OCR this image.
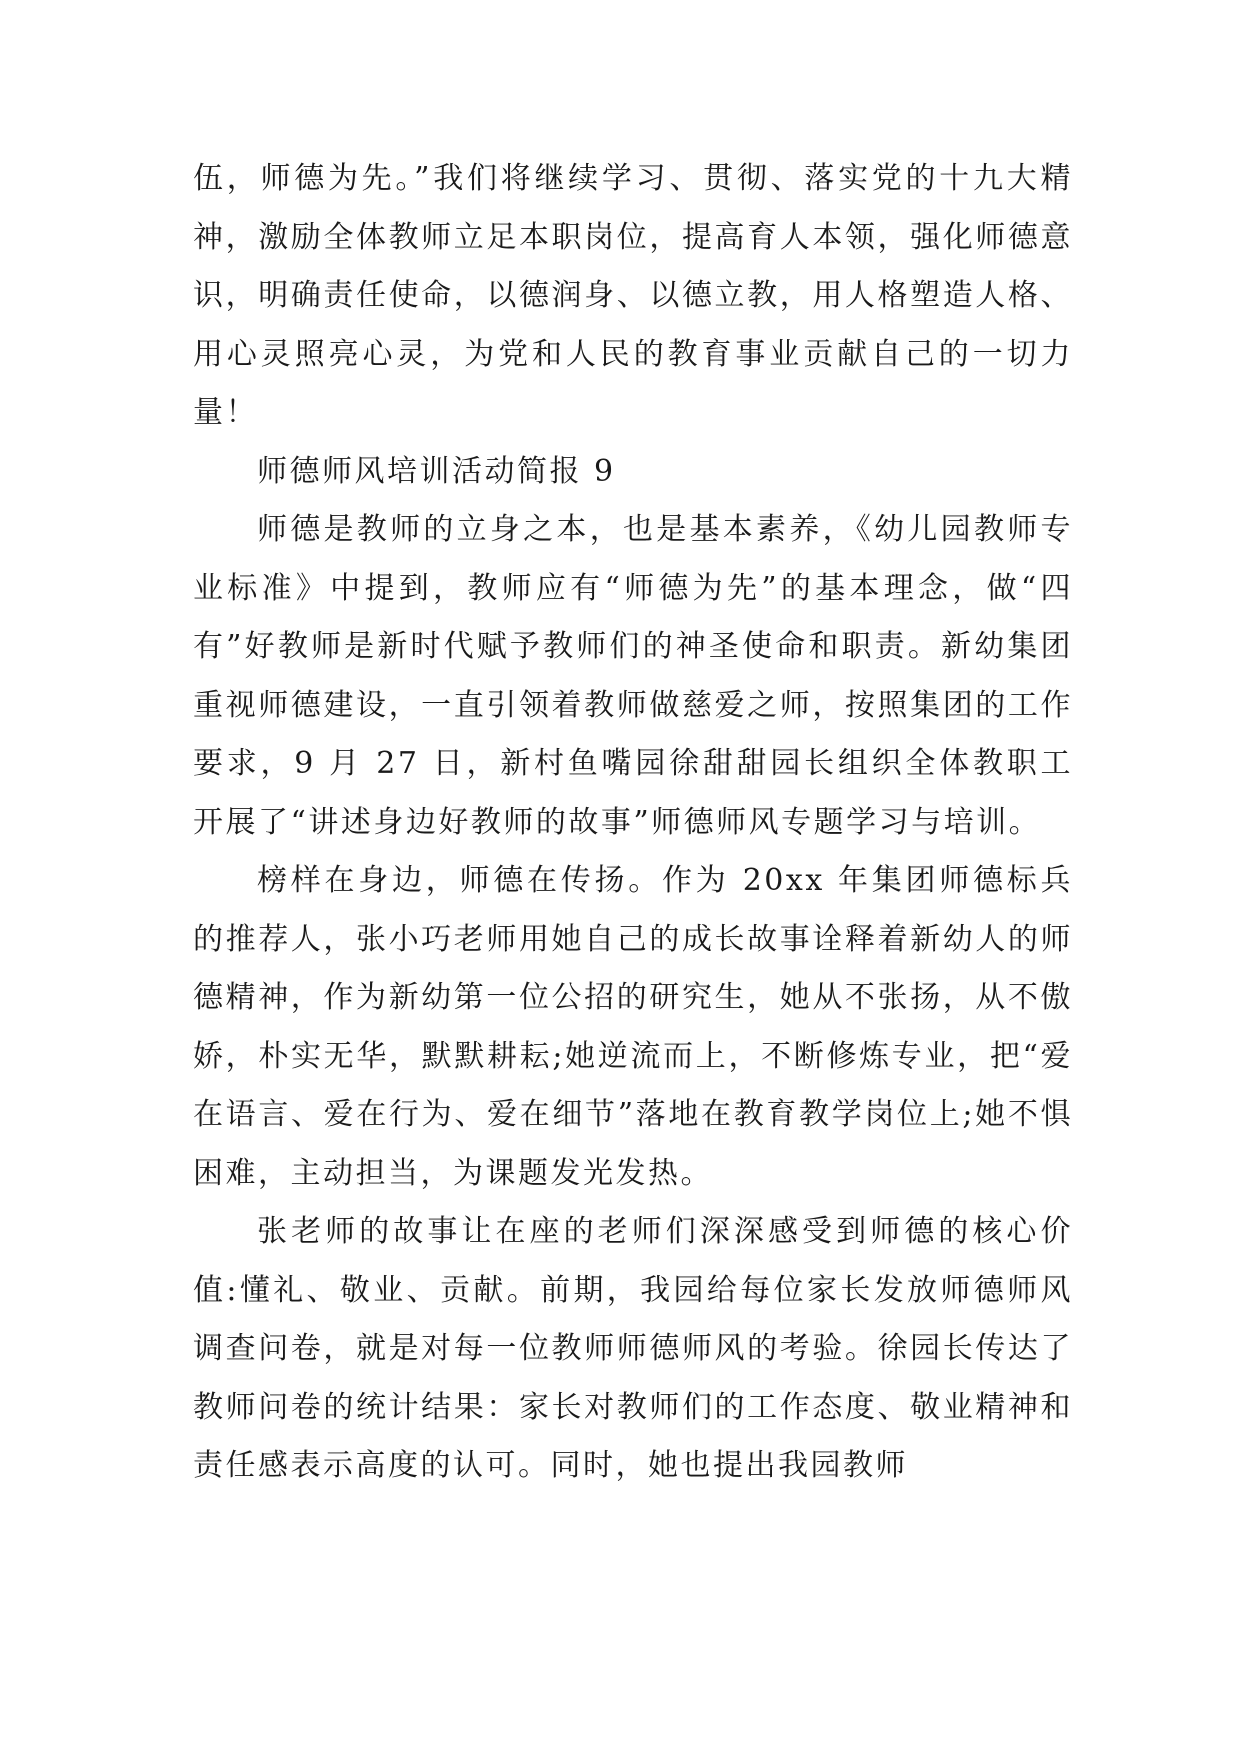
伍，师德为先。”我们将继续学习、贯彻、落实党的十九大精神，激励全体教师立足本职岗位，提高育人本领，强化师德意识，明确责任使命，以德润身、以德立教，用人格塑造人格、用心灵照亮心灵，为党和人民的教育事业贡献自己的一切力量！

师德师风培训活动简报 9

师德是教师的立身之本，也是基本素养，《幼儿园教师专业标准》中提到，教师应有“师德为先”的基本理念，做“四有”好教师是新时代赋予教师们的神圣使命和职责。新幼集团重视师德建设，一直引领着教师做慈爱之师，按照集团的工作要求，9 月 27 日，新村鱼嘴园徐甜甜园长组织全体教职工开展了“讲述身边好教师的故事”师德师风专题学习与培训。

榜样在身边，师德在传扬。作为 20xx 年集团师德标兵的推荐人，张小巧老师用她自己的成长故事诠释着新幼人的师德精神，作为新幼第一位公招的研究生，她从不张扬，从不傲娇，朴实无华，默默耕耘;她逆流而上，不断修炼专业，把“爱在语言、爱在行为、爱在细节”落地在教育教学岗位上;她不惧困难，主动担当，为课题发光发热。

张老师的故事让在座的老师们深深感受到师德的核心价值:懂礼、敬业、贡献。前期，我园给每位家长发放师德师风调查问卷，就是对每一位教师师德师风的考验。徐园长传达了教师问卷的统计结果：家长对教师们的工作态度、敬业精神和责任感表示高度的认可。同时，她也提出我园教师
